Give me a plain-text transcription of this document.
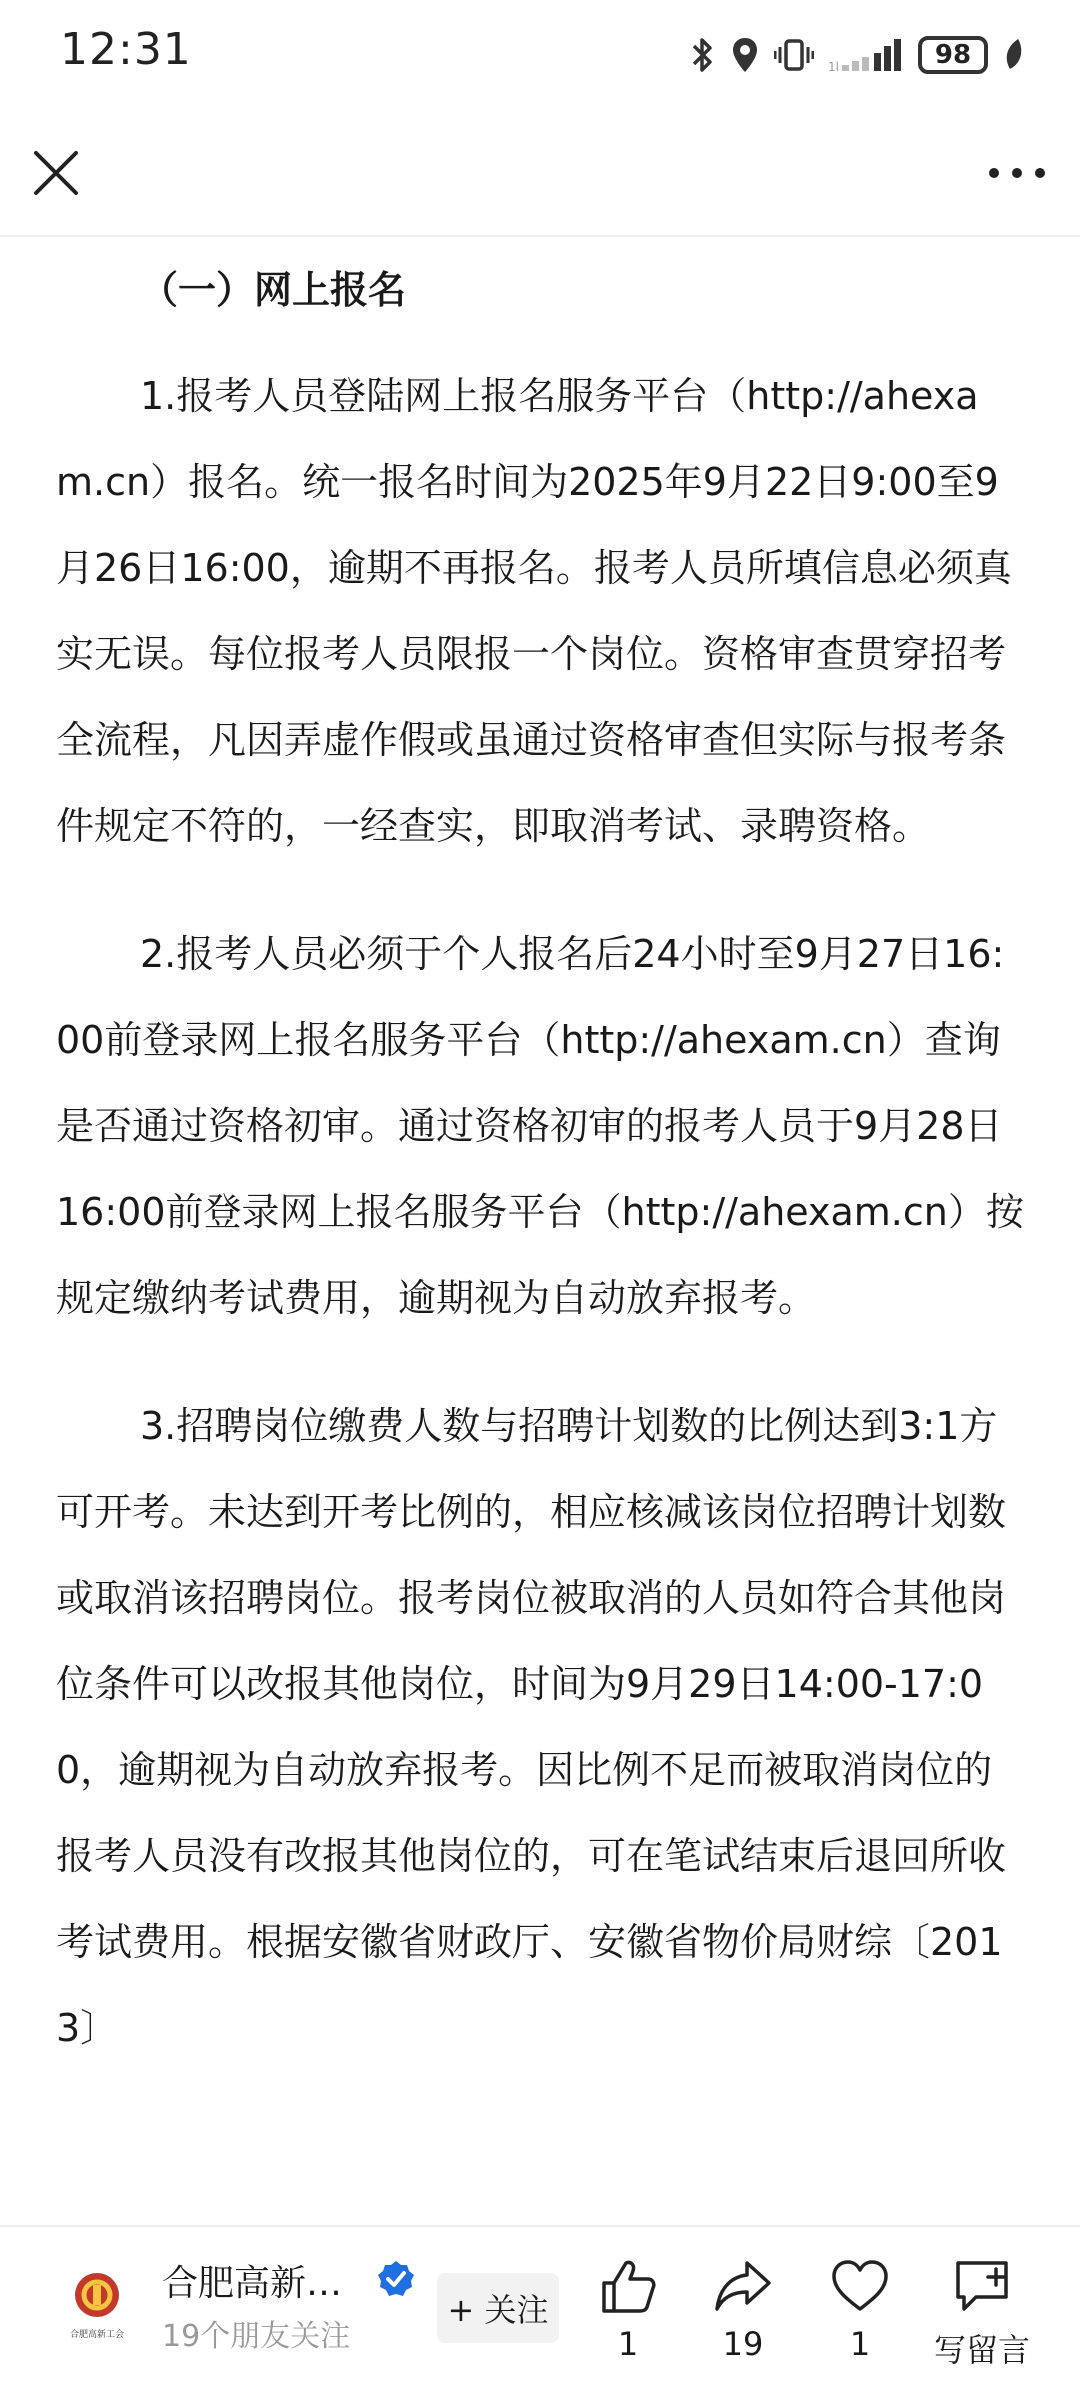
12:31	1l	98
（一）网上报名

1.报考人员登陆网上报名服务平台（http://ahexam.cn）报名。统一报名时间为2025年9月22日9:00至9月26日16:00，逾期不再报名。报考人员所填信息必须真实无误。每位报考人员限报一个岗位。资格审查贯穿招考全流程，凡因弄虚作假或虽通过资格审查但实际与报考条件规定不符的，一经查实，即取消考试、录聘资格。

2.报考人员必须于个人报名后24小时至9月27日16:00前登录网上报名服务平台（http://ahexam.cn）查询是否通过资格初审。通过资格初审的报考人员于9月28日16:00前登录网上报名服务平台（http://ahexam.cn）按规定缴纳考试费用，逾期视为自动放弃报考。

3.招聘岗位缴费人数与招聘计划数的比例达到3:1方可开考。未达到开考比例的，相应核减该岗位招聘计划数或取消该招聘岗位。报考岗位被取消的人员如符合其他岗位条件可以改报其他岗位，时间为9月29日14:00-17:00，逾期视为自动放弃报考。因比例不足而被取消岗位的报考人员没有改报其他岗位的，可在笔试结束后退回所收考试费用。根据安徽省财政厅、安徽省物价局财综〔2013〕

合肥高新工会
合肥高新…
19个朋友关注
+ 关注
1	19	1	写留言
